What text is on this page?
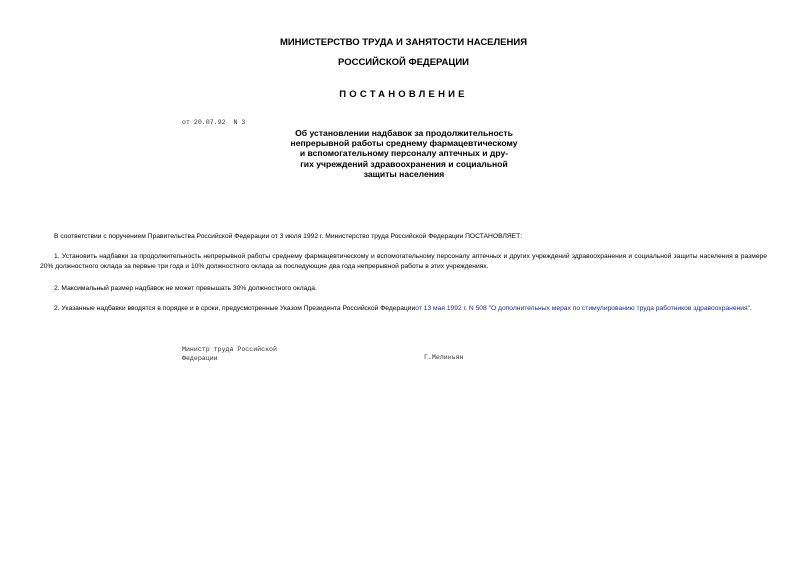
МИНИСТЕРСТВО ТРУДА И ЗАНЯТОСТИ НАСЕЛЕНИЯ
РОССИЙСКОЙ ФЕДЕРАЦИИ
ПОСТАНОВЛЕНИЕ
от 20.07.92  N 3
Об установлении надбавок за продолжительность
непрерывной работы среднему фармацевтическому
и вспомогательному персоналу аптечных и дру-
гих учреждений здравоохранения и социальной
защиты населения

В соответствии с поручением Правительства Российской Федерации от 3 июля 1992 г. Министерство труда Российской Федерации ПОСТАНОВЛЯЕТ:

1. Установить надбавки за продолжительность непрерывной работы среднему фармацевтическому и вспомогательному персоналу аптечных и других учреждений здравоохранения и социальной защиты населения в размере 20% должностного оклада за первые три года и 10% должностного оклада за последующие два года непрерывной работы в этих учреждениях.

2. Максимальный размер надбавок не может превышать 30% должностного оклада.

2. Указанные надбавки вводятся в порядке и в сроки, предусмотренные Указом Президента Российской Федерацииот 13 мая 1992 г. N 508 "О дополнительных мерах по стимулированию труда работников здравоохранения".

Министр труда Российской
Федерации	Г.Меликьян
